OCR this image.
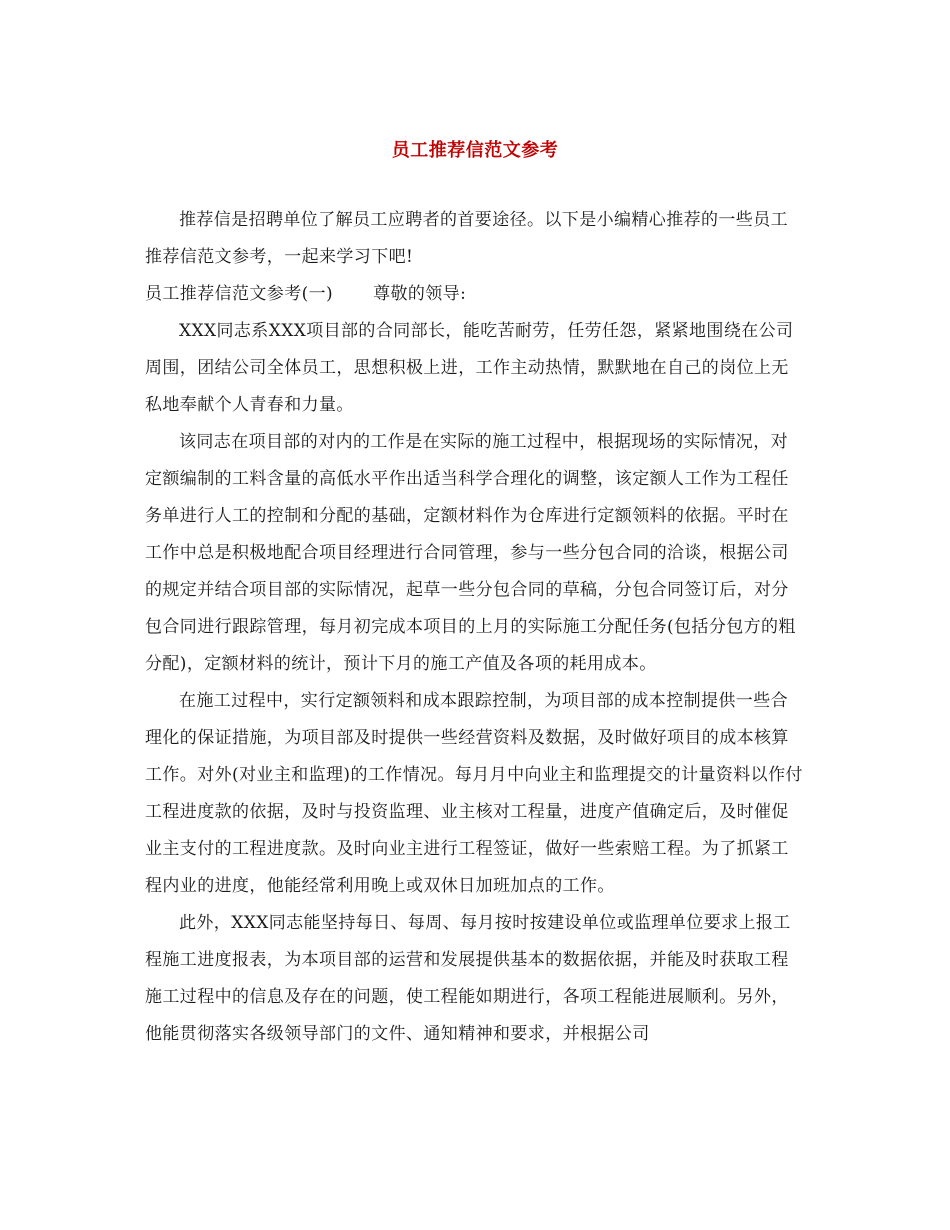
员工推荐信范文参考

推荐信是招聘单位了解员工应聘者的首要途径。以下是小编精心推荐的一些员工推荐信范文参考，一起来学习下吧!

员工推荐信范文参考(一) 尊敬的领导:

XXX同志系XXX项目部的合同部长，能吃苦耐劳，任劳任怨，紧紧地围绕在公司周围，团结公司全体员工，思想积极上进，工作主动热情，默默地在自己的岗位上无私地奉献个人青春和力量。

该同志在项目部的对内的工作是在实际的施工过程中，根据现场的实际情况，对定额编制的工料含量的高低水平作出适当科学合理化的调整，该定额人工作为工程任务单进行人工的控制和分配的基础，定额材料作为仓库进行定额领料的依据。平时在工作中总是积极地配合项目经理进行合同管理，参与一些分包合同的洽谈，根据公司的规定并结合项目部的实际情况，起草一些分包合同的草稿，分包合同签订后，对分包合同进行跟踪管理，每月初完成本项目的上月的实际施工分配任务(包括分包方的粗分配)，定额材料的统计，预计下月的施工产值及各项的耗用成本。

在施工过程中，实行定额领料和成本跟踪控制，为项目部的成本控制提供一些合理化的保证措施，为项目部及时提供一些经营资料及数据，及时做好项目的成本核算工作。对外(对业主和监理)的工作情况。每月月中向业主和监理提交的计量资料以作付工程进度款的依据，及时与投资监理、业主核对工程量，进度产值确定后，及时催促业主支付的工程进度款。及时向业主进行工程签证，做好一些索赔工程。为了抓紧工程内业的进度，他能经常利用晚上或双休日加班加点的工作。

此外，XXX同志能坚持每日、每周、每月按时按建设单位或监理单位要求上报工程施工进度报表，为本项目部的运营和发展提供基本的数据依据，并能及时获取工程施工过程中的信息及存在的问题，使工程能如期进行，各项工程能进展顺利。另外，他能贯彻落实各级领导部门的文件、通知精神和要求，并根据公司
